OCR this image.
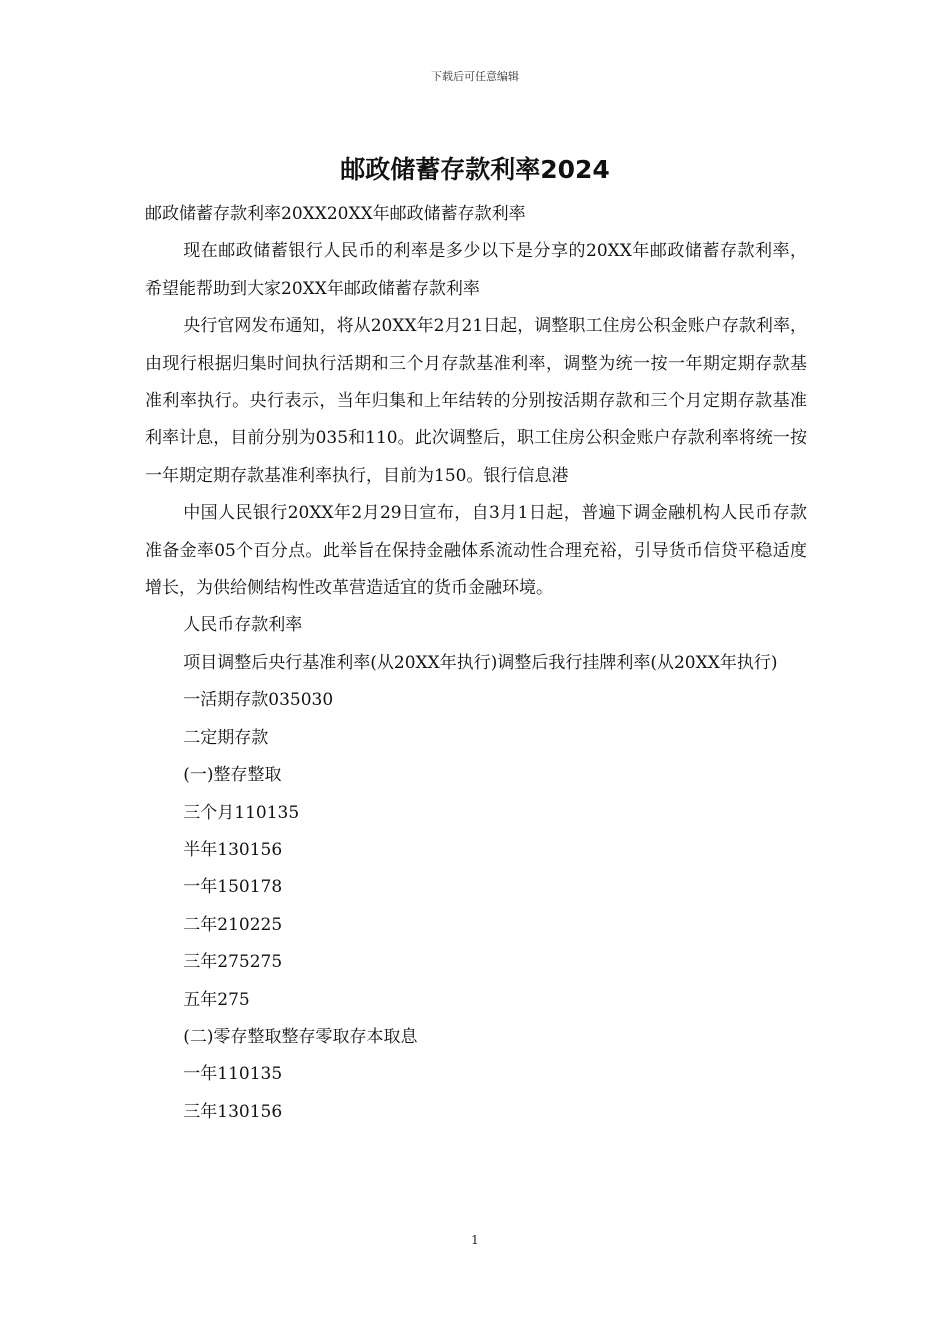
下载后可任意编辑
邮政储蓄存款利率2024

邮政储蓄存款利率20XX20XX年邮政储蓄存款利率

现在邮政储蓄银行人民币的利率是多少以下是分享的20XX年邮政储蓄存款利率，希望能帮助到大家20XX年邮政储蓄存款利率

央行官网发布通知，将从20XX年2月21日起，调整职工住房公积金账户存款利率，由现行根据归集时间执行活期和三个月存款基准利率，调整为统一按一年期定期存款基准利率执行。央行表示，当年归集和上年结转的分别按活期存款和三个月定期存款基准利率计息，目前分别为035和110。此次调整后，职工住房公积金账户存款利率将统一按一年期定期存款基准利率执行，目前为150。银行信息港

中国人民银行20XX年2月29日宣布，自3月1日起，普遍下调金融机构人民币存款准备金率05个百分点。此举旨在保持金融体系流动性合理充裕，引导货币信贷平稳适度增长，为供给侧结构性改革营造适宜的货币金融环境。

人民币存款利率

项目调整后央行基准利率(从20XX年执行)调整后我行挂牌利率(从20XX年执行)

一活期存款035030

二定期存款

(一)整存整取

三个月110135

半年130156

一年150178

二年210225

三年275275

五年275

(二)零存整取整存零取存本取息

一年110135

三年130156

1
